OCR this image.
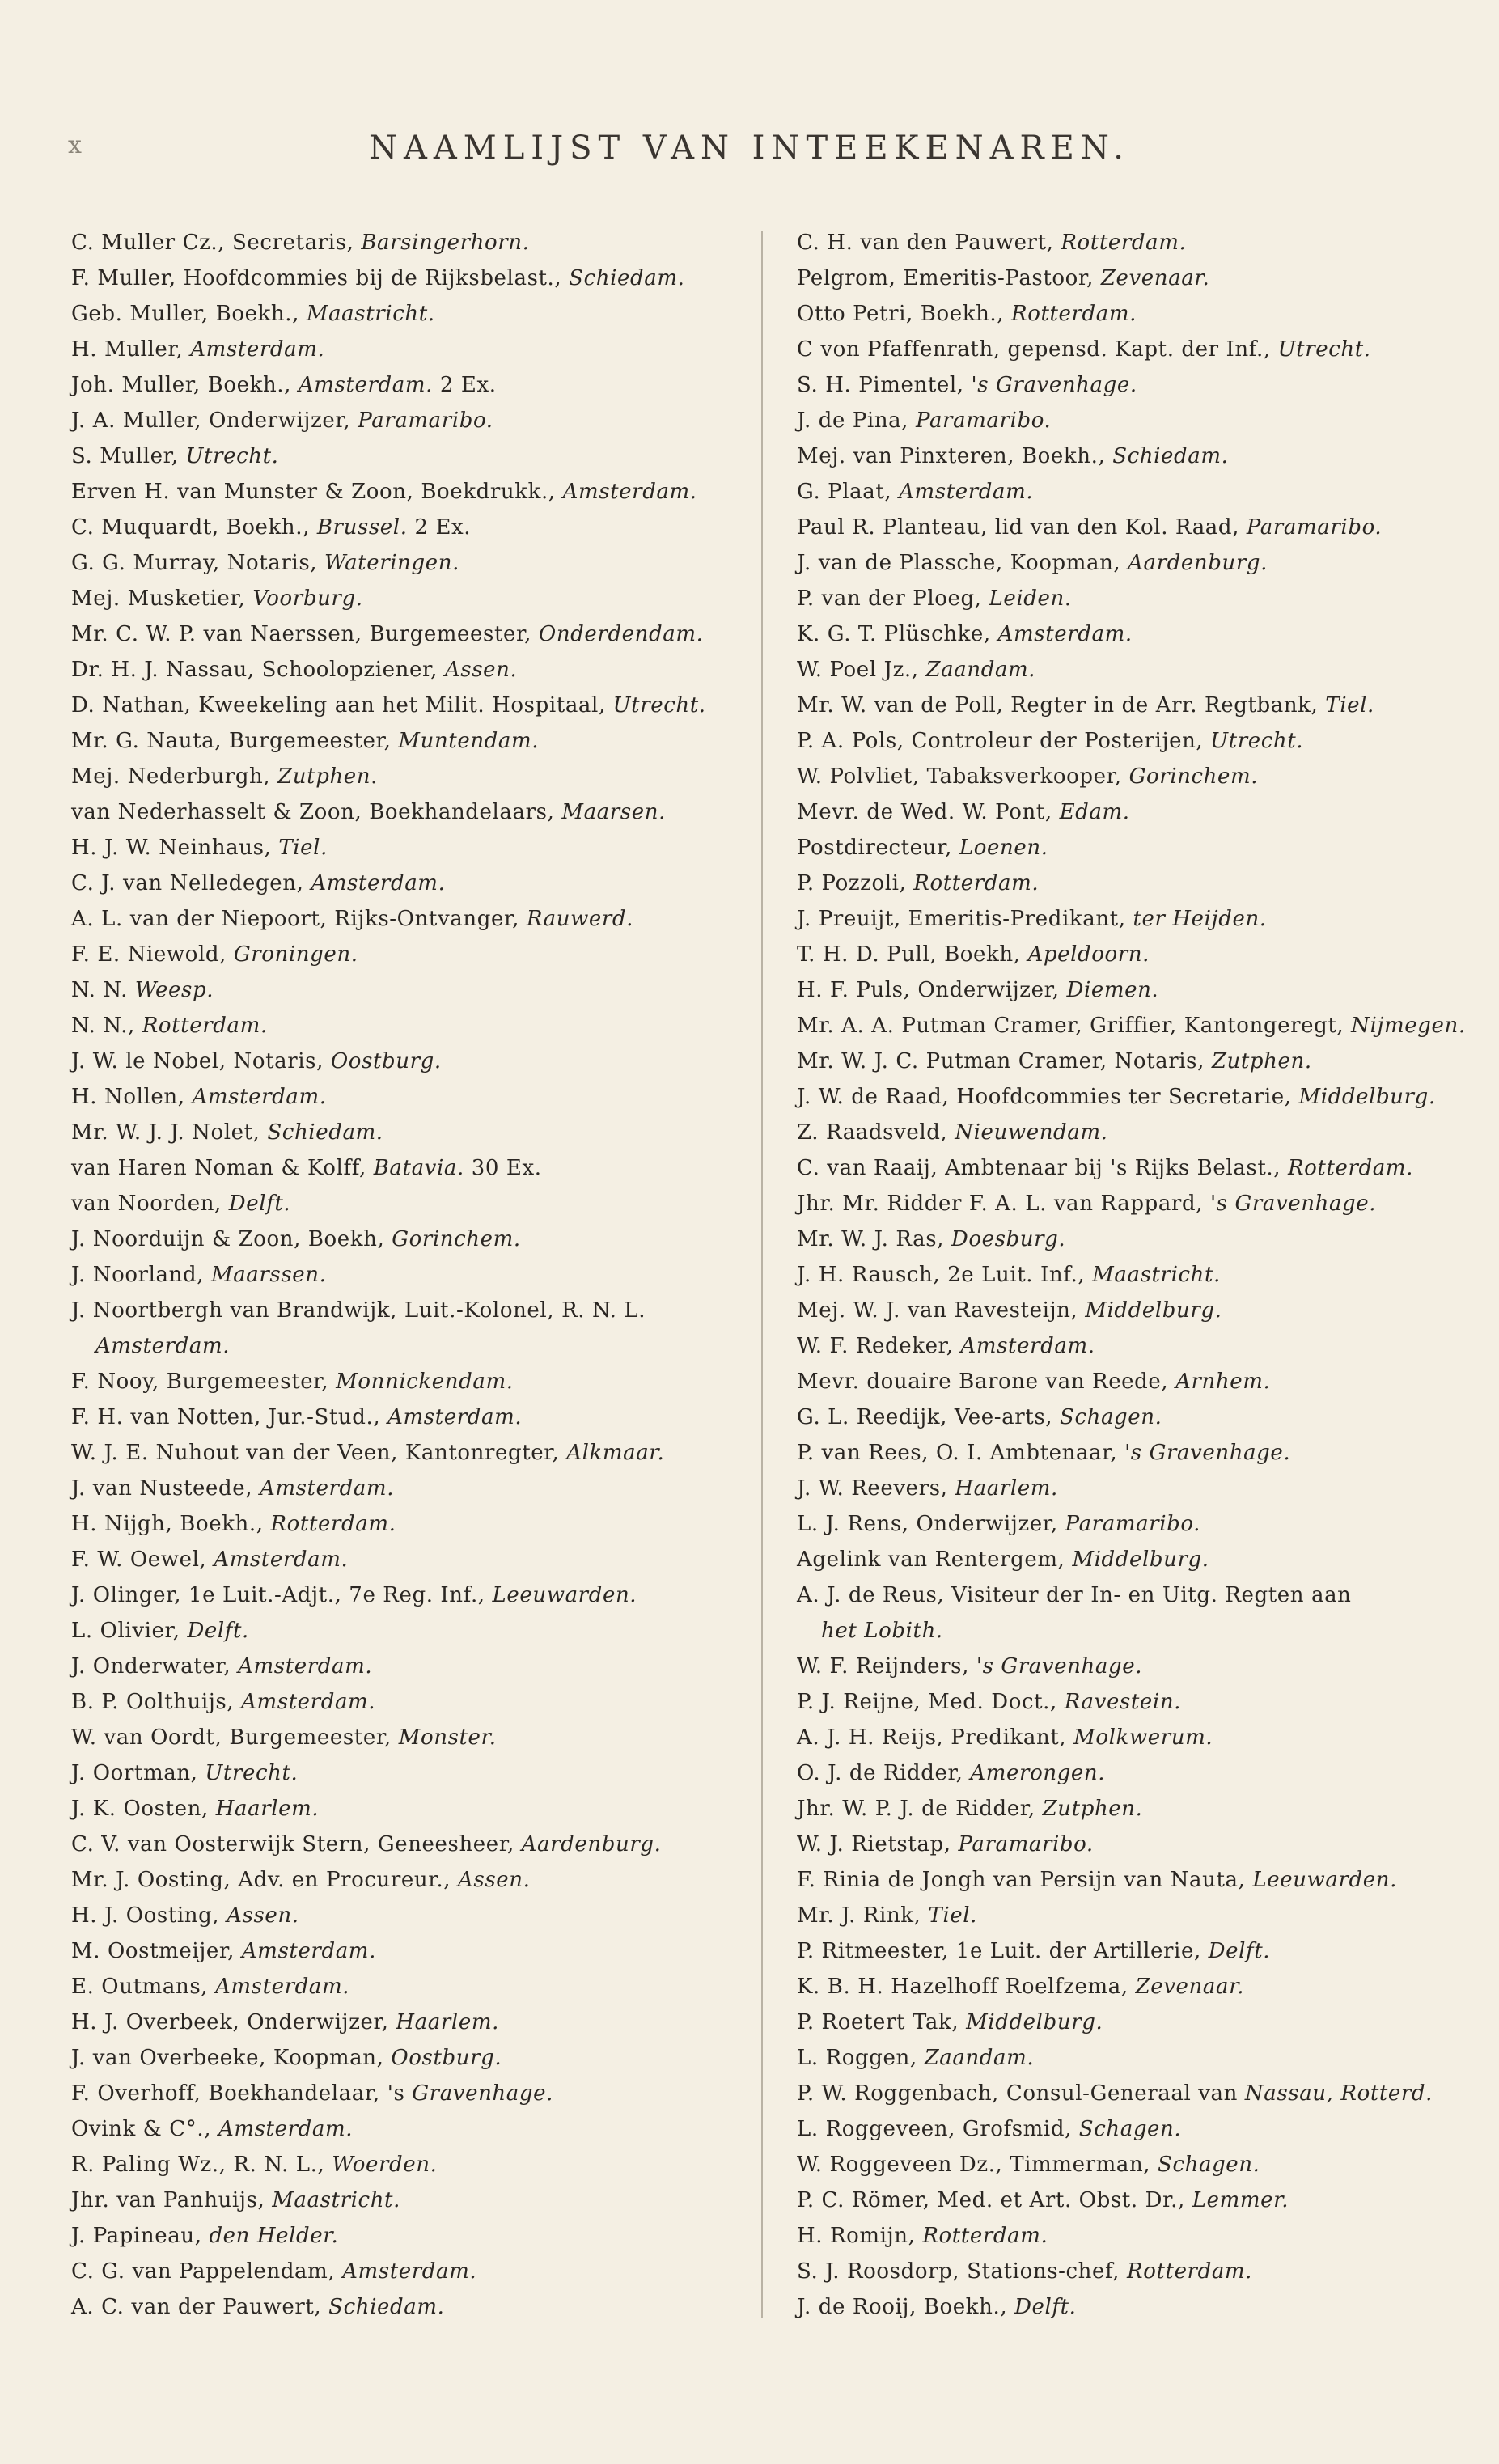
x	NAAMLIJST VAN INTEEKENAREN.
C. Muller Cz., Secretaris, Barsingerhorn.
F. Muller, Hoofdcommies bij de Rijksbelast., Schiedam.
Geb. Muller, Boekh., Maastricht.
H. Muller, Amsterdam.
Joh. Muller, Boekh., Amsterdam. 2 Ex.
J. A. Muller, Onderwijzer, Paramaribo.
S. Muller, Utrecht.
Erven H. van Munster & Zoon, Boekdrukk., Amsterdam.
C. Muquardt, Boekh., Brussel. 2 Ex.
G. G. Murray, Notaris, Wateringen.
Mej. Musketier, Voorburg.
Mr. C. W. P. van Naerssen, Burgemeester, Onderdendam.
Dr. H. J. Nassau, Schoolopziener, Assen.
D. Nathan, Kweekeling aan het Milit. Hospitaal, Utrecht.
Mr. G. Nauta, Burgemeester, Muntendam.
Mej. Nederburgh, Zutphen.
van Nederhasselt & Zoon, Boekhandelaars, Maarsen.
H. J. W. Neinhaus, Tiel.
C. J. van Nelledegen, Amsterdam.
A. L. van der Niepoort, Rijks-Ontvanger, Rauwerd.
F. E. Niewold, Groningen.
N. N. Weesp.
N. N., Rotterdam.
J. W. le Nobel, Notaris, Oostburg.
H. Nollen, Amsterdam.
Mr. W. J. J. Nolet, Schiedam.
van Haren Noman & Kolff, Batavia. 30 Ex.
van Noorden, Delft.
J. Noorduijn & Zoon, Boekh, Gorinchem.
J. Noorland, Maarssen.
J. Noortbergh van Brandwijk, Luit.-Kolonel, R. N. L.
Amsterdam.
F. Nooy, Burgemeester, Monnickendam.
F. H. van Notten, Jur.-Stud., Amsterdam.
W. J. E. Nuhout van der Veen, Kantonregter, Alkmaar.
J. van Nusteede, Amsterdam.
H. Nijgh, Boekh., Rotterdam.
F. W. Oewel, Amsterdam.
J. Olinger, 1e Luit.-Adjt., 7e Reg. Inf., Leeuwarden.
L. Olivier, Delft.
J. Onderwater, Amsterdam.
B. P. Oolthuijs, Amsterdam.
W. van Oordt, Burgemeester, Monster.
J. Oortman, Utrecht.
J. K. Oosten, Haarlem.
C. V. van Oosterwijk Stern, Geneesheer, Aardenburg.
Mr. J. Oosting, Adv. en Procureur., Assen.
H. J. Oosting, Assen.
M. Oostmeijer, Amsterdam.
E. Outmans, Amsterdam.
H. J. Overbeek, Onderwijzer, Haarlem.
J. van Overbeeke, Koopman, Oostburg.
F. Overhoff, Boekhandelaar, 's Gravenhage.
Ovink & C°., Amsterdam.
R. Paling Wz., R. N. L., Woerden.
Jhr. van Panhuijs, Maastricht.
J. Papineau, den Helder.
C. G. van Pappelendam, Amsterdam.
A. C. van der Pauwert, Schiedam.
C. H. van den Pauwert, Rotterdam.
Pelgrom, Emeritis-Pastoor, Zevenaar.
Otto Petri, Boekh., Rotterdam.
C von Pfaffenrath, gepensd. Kapt. der Inf., Utrecht.
S. H. Pimentel, 's Gravenhage.
J. de Pina, Paramaribo.
Mej. van Pinxteren, Boekh., Schiedam.
G. Plaat, Amsterdam.
Paul R. Planteau, lid van den Kol. Raad, Paramaribo.
J. van de Plassche, Koopman, Aardenburg.
P. van der Ploeg, Leiden.
K. G. T. Plüschke, Amsterdam.
W. Poel Jz., Zaandam.
Mr. W. van de Poll, Regter in de Arr. Regtbank, Tiel.
P. A. Pols, Controleur der Posterijen, Utrecht.
W. Polvliet, Tabaksverkooper, Gorinchem.
Mevr. de Wed. W. Pont, Edam.
Postdirecteur, Loenen.
P. Pozzoli, Rotterdam.
J. Preuijt, Emeritis-Predikant, ter Heijden.
T. H. D. Pull, Boekh, Apeldoorn.
H. F. Puls, Onderwijzer, Diemen.
Mr. A. A. Putman Cramer, Griffier, Kantongeregt, Nijmegen.
Mr. W. J. C. Putman Cramer, Notaris, Zutphen.
J. W. de Raad, Hoofdcommies ter Secretarie, Middelburg.
Z. Raadsveld, Nieuwendam.
C. van Raaij, Ambtenaar bij 's Rijks Belast., Rotterdam.
Jhr. Mr. Ridder F. A. L. van Rappard, 's Gravenhage.
Mr. W. J. Ras, Doesburg.
J. H. Rausch, 2e Luit. Inf., Maastricht.
Mej. W. J. van Ravesteijn, Middelburg.
W. F. Redeker, Amsterdam.
Mevr. douaire Barone van Reede, Arnhem.
G. L. Reedijk, Vee-arts, Schagen.
P. van Rees, O. I. Ambtenaar, 's Gravenhage.
J. W. Reevers, Haarlem.
L. J. Rens, Onderwijzer, Paramaribo.
Agelink van Rentergem, Middelburg.
A. J. de Reus, Visiteur der In- en Uitg. Regten aan
het Lobith.
W. F. Reijnders, 's Gravenhage.
P. J. Reijne, Med. Doct., Ravestein.
A. J. H. Reijs, Predikant, Molkwerum.
O. J. de Ridder, Amerongen.
Jhr. W. P. J. de Ridder, Zutphen.
W. J. Rietstap, Paramaribo.
F. Rinia de Jongh van Persijn van Nauta, Leeuwarden.
Mr. J. Rink, Tiel.
P. Ritmeester, 1e Luit. der Artillerie, Delft.
K. B. H. Hazelhoff Roelfzema, Zevenaar.
P. Roetert Tak, Middelburg.
L. Roggen, Zaandam.
P. W. Roggenbach, Consul-Generaal van Nassau, Rotterd.
L. Roggeveen, Grofsmid, Schagen.
W. Roggeveen Dz., Timmerman, Schagen.
P. C. Römer, Med. et Art. Obst. Dr., Lemmer.
H. Romijn, Rotterdam.
S. J. Roosdorp, Stations-chef, Rotterdam.
J. de Rooij, Boekh., Delft.
